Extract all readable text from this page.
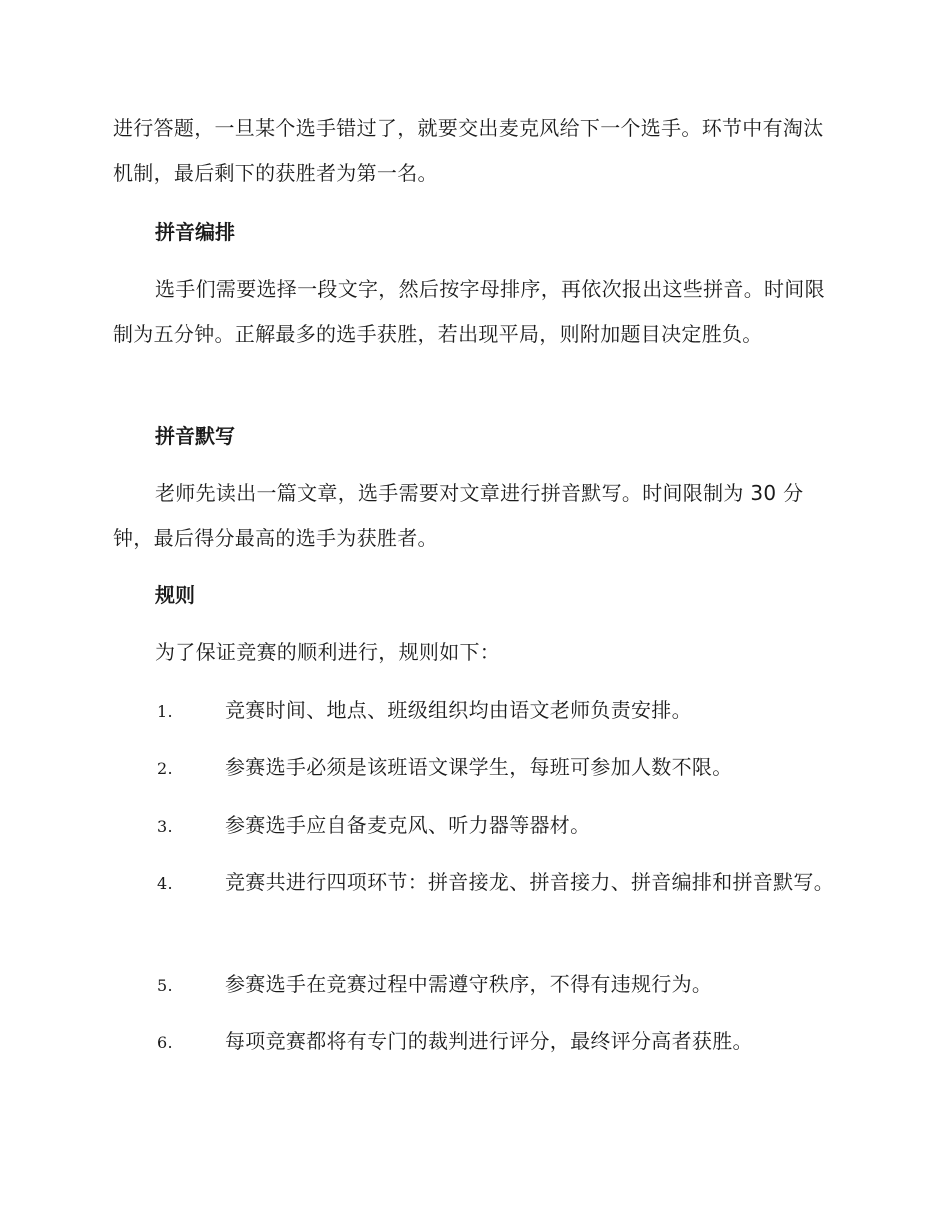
进行答题，一旦某个选手错过了，就要交出麦克风给下一个选手。环节中有淘汰机制，最后剩下的获胜者为第一名。

拼音编排

选手们需要选择一段文字，然后按字母排序，再依次报出这些拼音。时间限制为五分钟。正解最多的选手获胜，若出现平局，则附加题目决定胜负。

拼音默写

老师先读出一篇文章，选手需要对文章进行拼音默写。时间限制为 30 分钟，最后得分最高的选手为获胜者。

规则

为了保证竞赛的顺利进行，规则如下：

1.	竞赛时间、地点、班级组织均由语文老师负责安排。

2.	参赛选手必须是该班语文课学生，每班可参加人数不限。

3.	参赛选手应自备麦克风、听力器等器材。

4.	竞赛共进行四项环节：拼音接龙、拼音接力、拼音编排和拼音默写。

5.	参赛选手在竞赛过程中需遵守秩序，不得有违规行为。

6.	每项竞赛都将有专门的裁判进行评分，最终评分高者获胜。
